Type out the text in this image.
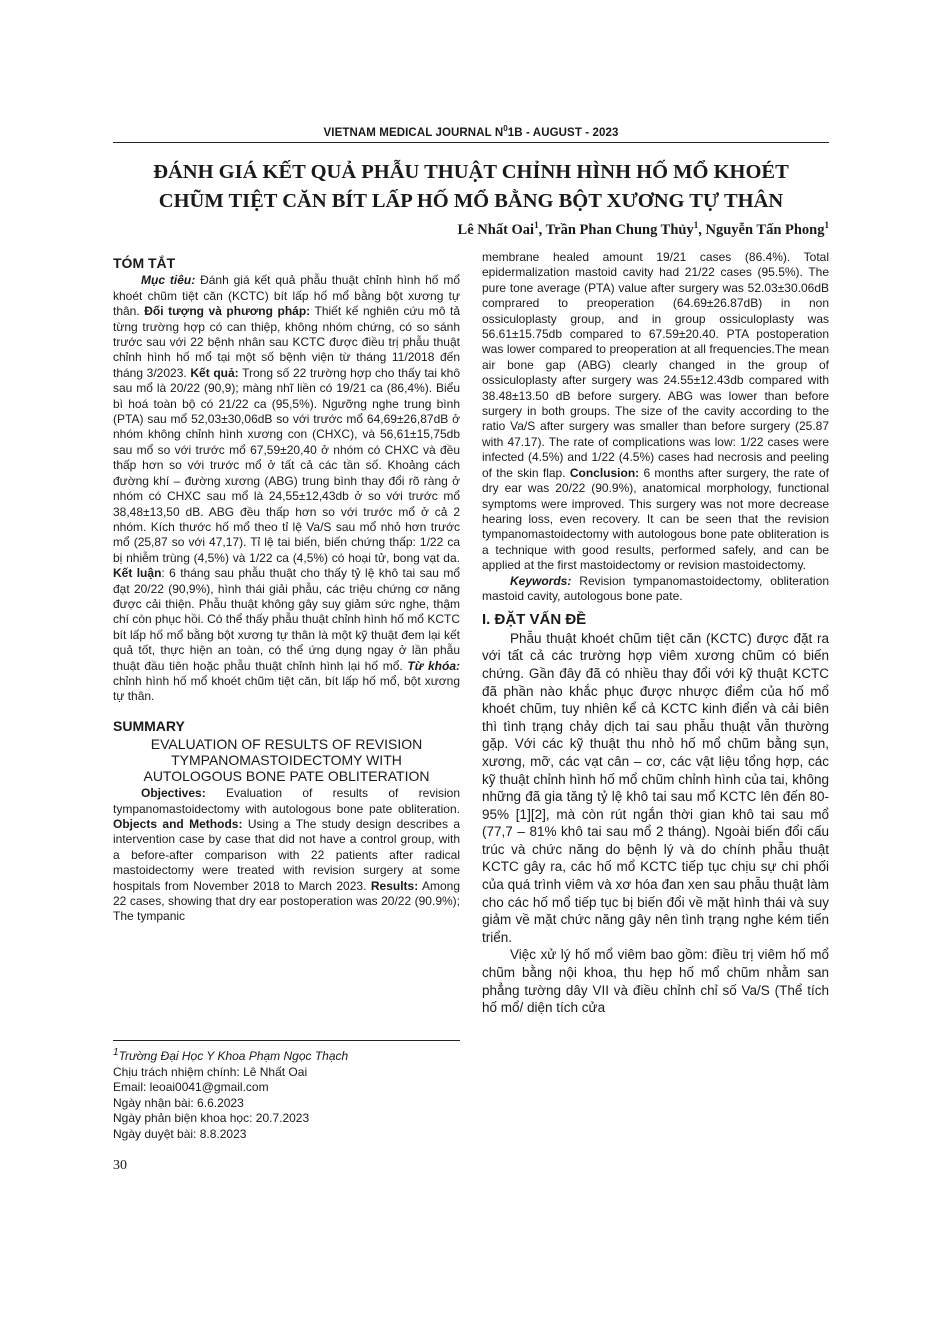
VIETNAM MEDICAL JOURNAL $N^01B$ - AUGUST - 2023
ĐÁNH GIÁ KẾT QUẢ PHẪU THUẬT CHỈNH HÌNH HỐ MỔ KHOÉT
CHŨM TIỆT CĂN BÍT LẤP HỐ MỔ BẰNG BỘT XƯƠNG TỰ THÂN
Lê Nhất Oai$^1$, Trần Phan Chung Thủy$^1$, Nguyễn Tấn Phong$^1$

TÓM TẮT

Mục tiêu: Đánh giá kết quả phẫu thuật chỉnh hình hố mổ khoét chũm tiệt căn (KCTC) bít lấp hố mổ bằng bột xương tự thân. Đối tượng và phương pháp: Thiết kế nghiên cứu mô tả từng trường hợp có can thiệp, không nhóm chứng, có so sánh trước sau với 22 bệnh nhân sau KCTC được điều trị phẫu thuật chỉnh hình hố mổ tại một số bệnh viện từ tháng 11/2018 đến tháng 3/2023. Kết quả: Trong số 22 trường hợp cho thấy tai khô sau mổ là 20/22 (90,9); màng nhĩ liền có 19/21 ca (86,4%). Biểu bì hoá toàn bộ có 21/22 ca (95,5%). Ngưỡng nghe trung bình (PTA) sau mổ 52,03±30,06dB so với trước mổ 64,69±26,87dB ở nhóm không chỉnh hình xương con (CHXC), và 56,61±15,75db sau mổ so với trước mổ 67,59±20,40 ở nhóm có CHXC và đều thấp hơn so với trước mổ ở tất cả các tần số. Khoảng cách đường khí – đường xương (ABG) trung bình thay đổi rõ ràng ở nhóm có CHXC sau mổ là 24,55±12,43db ở so với trước mổ 38,48±13,50 dB. ABG đều thấp hơn so với trước mổ ở cả 2 nhóm. Kích thước hố mổ theo tỉ lệ Va/S sau mổ nhỏ hơn trước mổ (25,87 so với 47,17). Tỉ lệ tai biến, biến chứng thấp: 1/22 ca bị nhiễm trùng (4,5%) và 1/22 ca (4,5%) có hoại tử, bong vạt da. Kết luận: 6 tháng sau phẫu thuật cho thấy tỷ lệ khô tai sau mổ đạt 20/22 (90,9%), hình thái giải phẫu, các triệu chứng cơ năng được cải thiện. Phẫu thuật không gây suy giảm sức nghe, thậm chí còn phục hồi. Có thể thấy phẫu thuật chỉnh hình hố mổ KCTC bít lấp hố mổ bằng bột xương tự thân là một kỹ thuật đem lại kết quả tốt, thực hiện an toàn, có thể ứng dụng ngay ở lần phẫu thuật đầu tiên hoặc phẫu thuật chỉnh hình lại hố mổ. Từ khóa: chỉnh hình hố mổ khoét chũm tiệt căn, bít lấp hố mổ, bột xương tự thân.

SUMMARY

EVALUATION OF RESULTS OF REVISION
TYMPANOMASTOIDECTOMY WITH
AUTOLOGOUS BONE PATE OBLITERATION

Objectives: Evaluation of results of revision tympanomastoidectomy with autologous bone pate obliteration. Objects and Methods: Using a The study design describes a intervention case by case that did not have a control group, with a before-after comparison with 22 patients after radical mastoidectomy were treated with revision surgery at some hospitals from November 2018 to March 2023. Results: Among 22 cases, showing that dry ear postoperation was 20/22 (90.9%); The tympanic

$^1$Trường Đại Học Y Khoa Phạm Ngọc Thạch
Chịu trách nhiệm chính: Lê Nhất Oai
Email: leoai0041@gmail.com
Ngày nhận bài: 6.6.2023
Ngày phản biện khoa học: 20.7.2023
Ngày duyệt bài: 8.8.2023
30

membrane healed amount 19/21 cases (86.4%). Total epidermalization mastoid cavity had 21/22 cases (95.5%). The pure tone average (PTA) value after surgery was 52.03±30.06dB comprared to preoperation (64.69±26.87dB) in non ossiculoplasty group, and in group ossiculoplasty was 56.61±15.75db compared to 67.59±20.40. PTA postoperation was lower compared to preoperation at all frequencies.The mean air bone gap (ABG) clearly changed in the group of ossiculoplasty after surgery was 24.55±12.43db compared with 38.48±13.50 dB before surgery. ABG was lower than before surgery in both groups. The size of the cavity according to the ratio Va/S after surgery was smaller than before surgery (25.87 with 47.17). The rate of complications was low: 1/22 cases were infected (4.5%) and 1/22 (4.5%) cases had necrosis and peeling of the skin flap. Conclusion: 6 months after surgery, the rate of dry ear was 20/22 (90.9%), anatomical morphology, functional symptoms were improved. This surgery was not more decrease hearing loss, even recovery. It can be seen that the revision tympanomastoidectomy with autologous bone pate obliteration is a technique with good results, performed safely, and can be applied at the first mastoidectomy or revision mastoidectomy.

Keywords: Revision tympanomastoidectomy, obliteration mastoid cavity, autologous bone pate.

I. ĐẶT VẤN ĐỀ

Phẫu thuật khoét chũm tiệt căn (KCTC) được đặt ra với tất cả các trường hợp viêm xương chũm có biến chứng. Gần đây đã có nhiều thay đổi với kỹ thuật KCTC đã phần nào khắc phục được nhược điểm của hố mổ khoét chũm, tuy nhiên kể cả KCTC kinh điển và cải biên thì tình trạng chảy dịch tai sau phẫu thuật vẫn thường gặp. Với các kỹ thuật thu nhỏ hố mổ chũm bằng sụn, xương, mỡ, các vạt cân – cơ, các vật liệu tổng hợp, các kỹ thuật chỉnh hình hố mổ chũm chỉnh hình của tai, không những đã gia tăng tỷ lệ khô tai sau mổ KCTC lên đến 80-95% [1][2], mà còn rút ngắn thời gian khô tai sau mổ (77,7 – 81% khô tai sau mổ 2 tháng). Ngoài biến đổi cấu trúc và chức năng do bệnh lý và do chính phẫu thuật KCTC gây ra, các hố mổ KCTC tiếp tục chịu sự chi phối của quá trình viêm và xơ hóa đan xen sau phẫu thuật làm cho các hố mổ tiếp tục bị biến đổi về mặt hình thái và suy giảm về mặt chức năng gây nên tình trạng nghe kém tiến triển.

Việc xử lý hố mổ viêm bao gồm: điều trị viêm hố mổ chũm bằng nội khoa, thu hẹp hố mổ chũm nhằm san phẳng tường dây VII và điều chỉnh chỉ số Va/S (Thể tích hố mổ/ diện tích cửa
